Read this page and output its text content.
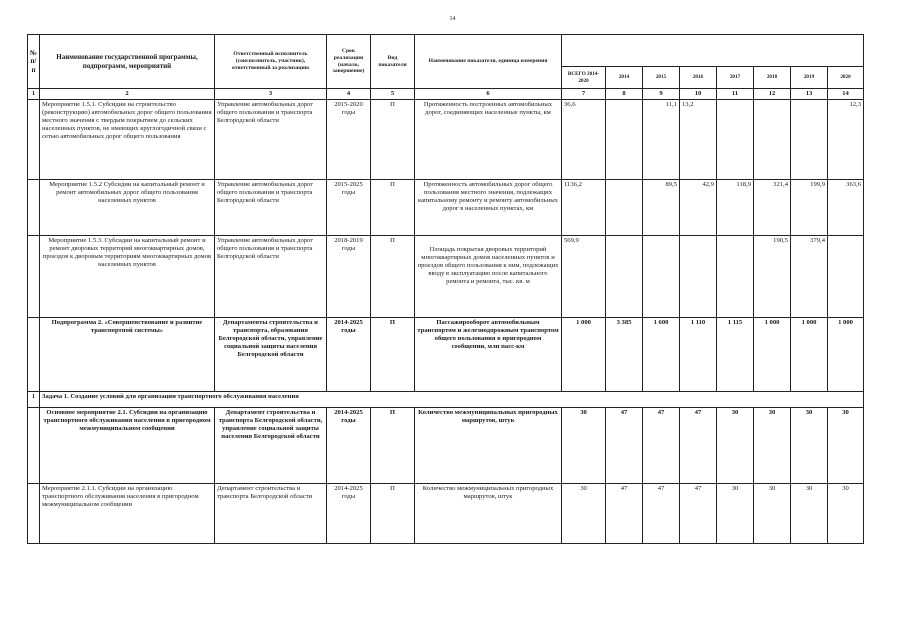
14
№ п/п	Наименование государственной программы, подпрограмм, мероприятий	Ответственный исполнитель (соисполнитель, участник), ответственный за реализацию	Срок реализации (начало, завершение)	Вид показателя	Наименование показателя, единица измерения								
						ВСЕГО 2014-2020	2014	2015	2016	2017	2018	2019	2020
1	2	3	4	5	6	7	8	9	10	11	12	13	14
	Мероприятие 1.5.1. Субсидии на строительство (реконструкцию) автомобильных дорог общего пользования местного значения с твердым покрытием до сельских населенных пунктов, не имеющих круглогодичной связи с сетью автомобильных дорог общего пользования	Управление автомобильных дорог общего пользования и транспорта Белгородской области	2015-2020 годы	П	Протяженность построенных автомобильных дорог, соединяющих населенные пункты, км	36,6		11,1	13,2				12,3
	Мероприятие 1.5.2 Субсидии на капитальный ремонт и ремонт автомобильных дорог общего пользования населенных пунктов	Управление автомобильных дорог общего пользования и транспорта Белгородской области	2015-2025 годы	П	Протяженность автомобильных дорог общего пользования местного значения, подлежащих капитальному ремонту и ремонту автомобильных дорог в населенных пунктах, км	1136,2		89,5	42,9	118,9	321,4	199,9	363,6
	Мероприятие 1.5.3. Субсидии на капитальный ремонт и ремонт дворовых территорий многоквартирных домов, проездов к дворовым территориям многоквартирных домов населенных пунктов	Управление автомобильных дорог общего пользования и транспорта Белгородской области	2018-2019 годы	П	Площадь покрытая дворовых территорий многоквартирных домов населенных пунктов и проездов общего пользования к ним, подлежащих вводу в эксплуатацию после капитального ремонта и ремонта, тыс. кв. м	569,9					190,5	379,4	
	Подпрограмма 2. «Совершенствование и развитие транспортной системы»	Департаменты строительства и транспорта, образования Белгородской области, управление социальной защиты населения Белгородской области	2014-2025 годы	П	Пассажирооборот автомобильным транспортом и железнодорожным транспортом общего пользования в пригородном сообщении, млн пасс-км	1 000	3 385	1 600	1 110	1 115	1 000	1 000	1 000
1	Задача 1. Создание условий для организации транспортного обслуживания населения												
	Основное мероприятие 2.1. Субсидии на организацию транспортного обслуживания населения в пригородном межмуниципальном сообщении	Департамент строительства и транспорта Белгородской области, управление социальной защиты населения Белгородской области	2014-2025 годы	П	Количество межмуниципальных пригородных маршрутов, штук	30	47	47	47	30	30	30	30
	Мероприятие 2.1.1. Субсидии на организацию транспортного обслуживания населения в пригородном межмуниципальном сообщении	Департамент строительства и транспорта Белгородской области	2014-2025 годы	П	Количество межмуниципальных пригородных маршрутов, штук	30	47	47	47	30	30	30	30
